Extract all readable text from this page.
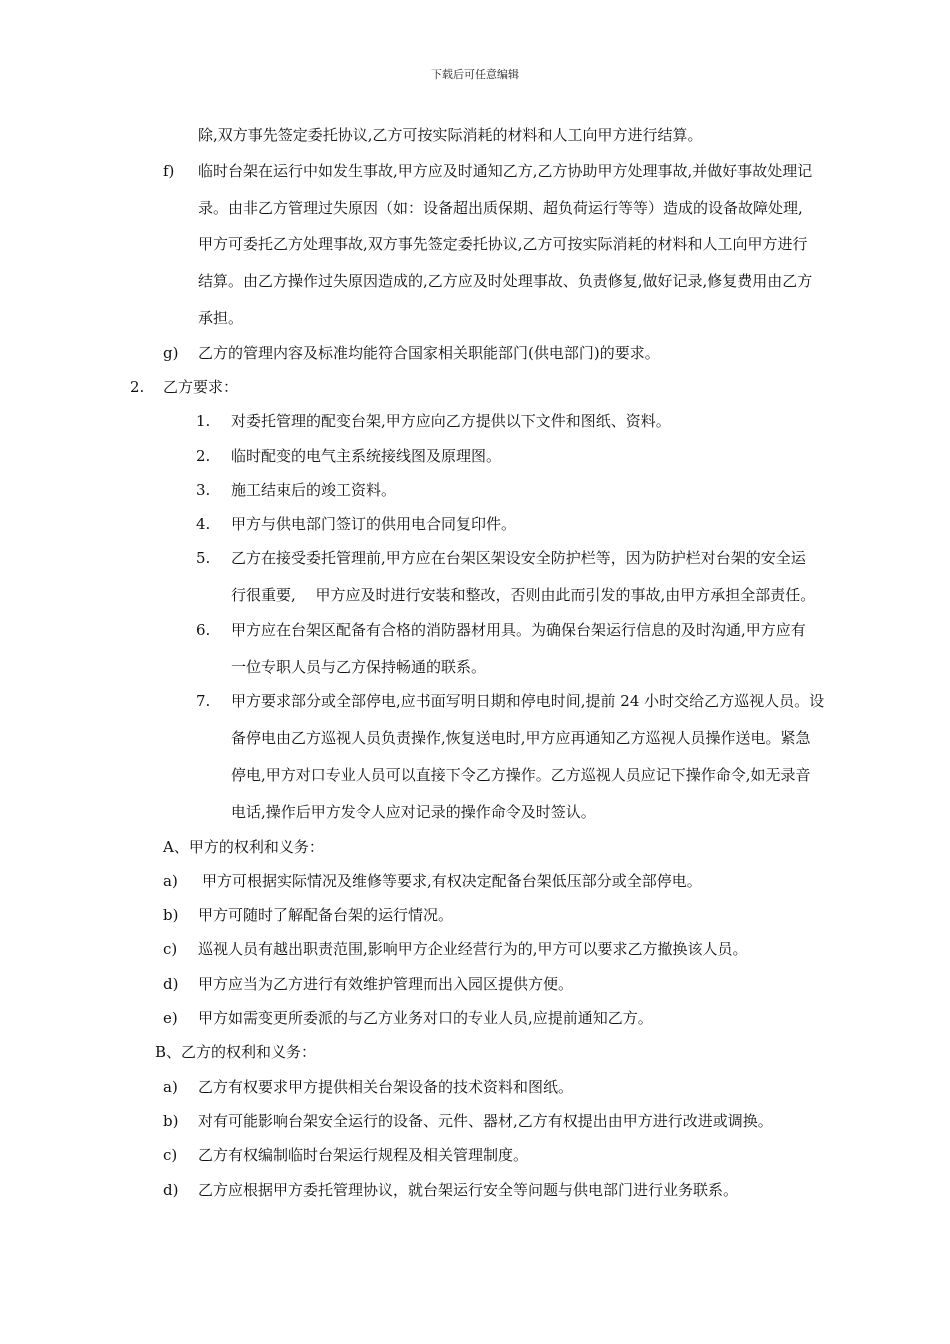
下载后可任意编辑
除,双方事先签定委托协议,乙方可按实际消耗的材料和人工向甲方进行结算。
f) 临时台架在运行中如发生事故,甲方应及时通知乙方,乙方协助甲方处理事故,并做好事故处理记
录。由非乙方管理过失原因（如：设备超出质保期、超负荷运行等等）造成的设备故障处理,
甲方可委托乙方处理事故,双方事先签定委托协议,乙方可按实际消耗的材料和人工向甲方进行
结算。由乙方操作过失原因造成的,乙方应及时处理事故、负责修复,做好记录,修复费用由乙方
承担。
g) 乙方的管理内容及标准均能符合国家相关职能部门(供电部门)的要求。
2. 乙方要求：
1. 对委托管理的配变台架,甲方应向乙方提供以下文件和图纸、资料。
2. 临时配变的电气主系统接线图及原理图。
3. 施工结束后的竣工资料。
4. 甲方与供电部门签订的供用电合同复印件。
5. 乙方在接受委托管理前,甲方应在台架区架设安全防护栏等，因为防护栏对台架的安全运
行很重要,　 甲方应及时进行安装和整改，否则由此而引发的事故,由甲方承担全部责任。
6. 甲方应在台架区配备有合格的消防器材用具。为确保台架运行信息的及时沟通,甲方应有
一位专职人员与乙方保持畅通的联系。
7. 甲方要求部分或全部停电,应书面写明日期和停电时间,提前 24 小时交给乙方巡视人员。设
备停电由乙方巡视人员负责操作,恢复送电时,甲方应再通知乙方巡视人员操作送电。紧急
停电,甲方对口专业人员可以直接下令乙方操作。乙方巡视人员应记下操作命令,如无录音
电话,操作后甲方发令人应对记录的操作命令及时签认。
A、甲方的权利和义务：
a) 甲方可根据实际情况及维修等要求,有权决定配备台架低压部分或全部停电。
b) 甲方可随时了解配备台架的运行情况。
c) 巡视人员有越出职责范围,影响甲方企业经营行为的,甲方可以要求乙方撤换该人员。
d) 甲方应当为乙方进行有效维护管理而出入园区提供方便。
e) 甲方如需变更所委派的与乙方业务对口的专业人员,应提前通知乙方。
B、乙方的权利和义务：
a) 乙方有权要求甲方提供相关台架设备的技术资料和图纸。
b) 对有可能影响台架安全运行的设备、元件、器材,乙方有权提出由甲方进行改进或调换。
c) 乙方有权编制临时台架运行规程及相关管理制度。
d) 乙方应根据甲方委托管理协议，就台架运行安全等问题与供电部门进行业务联系。
